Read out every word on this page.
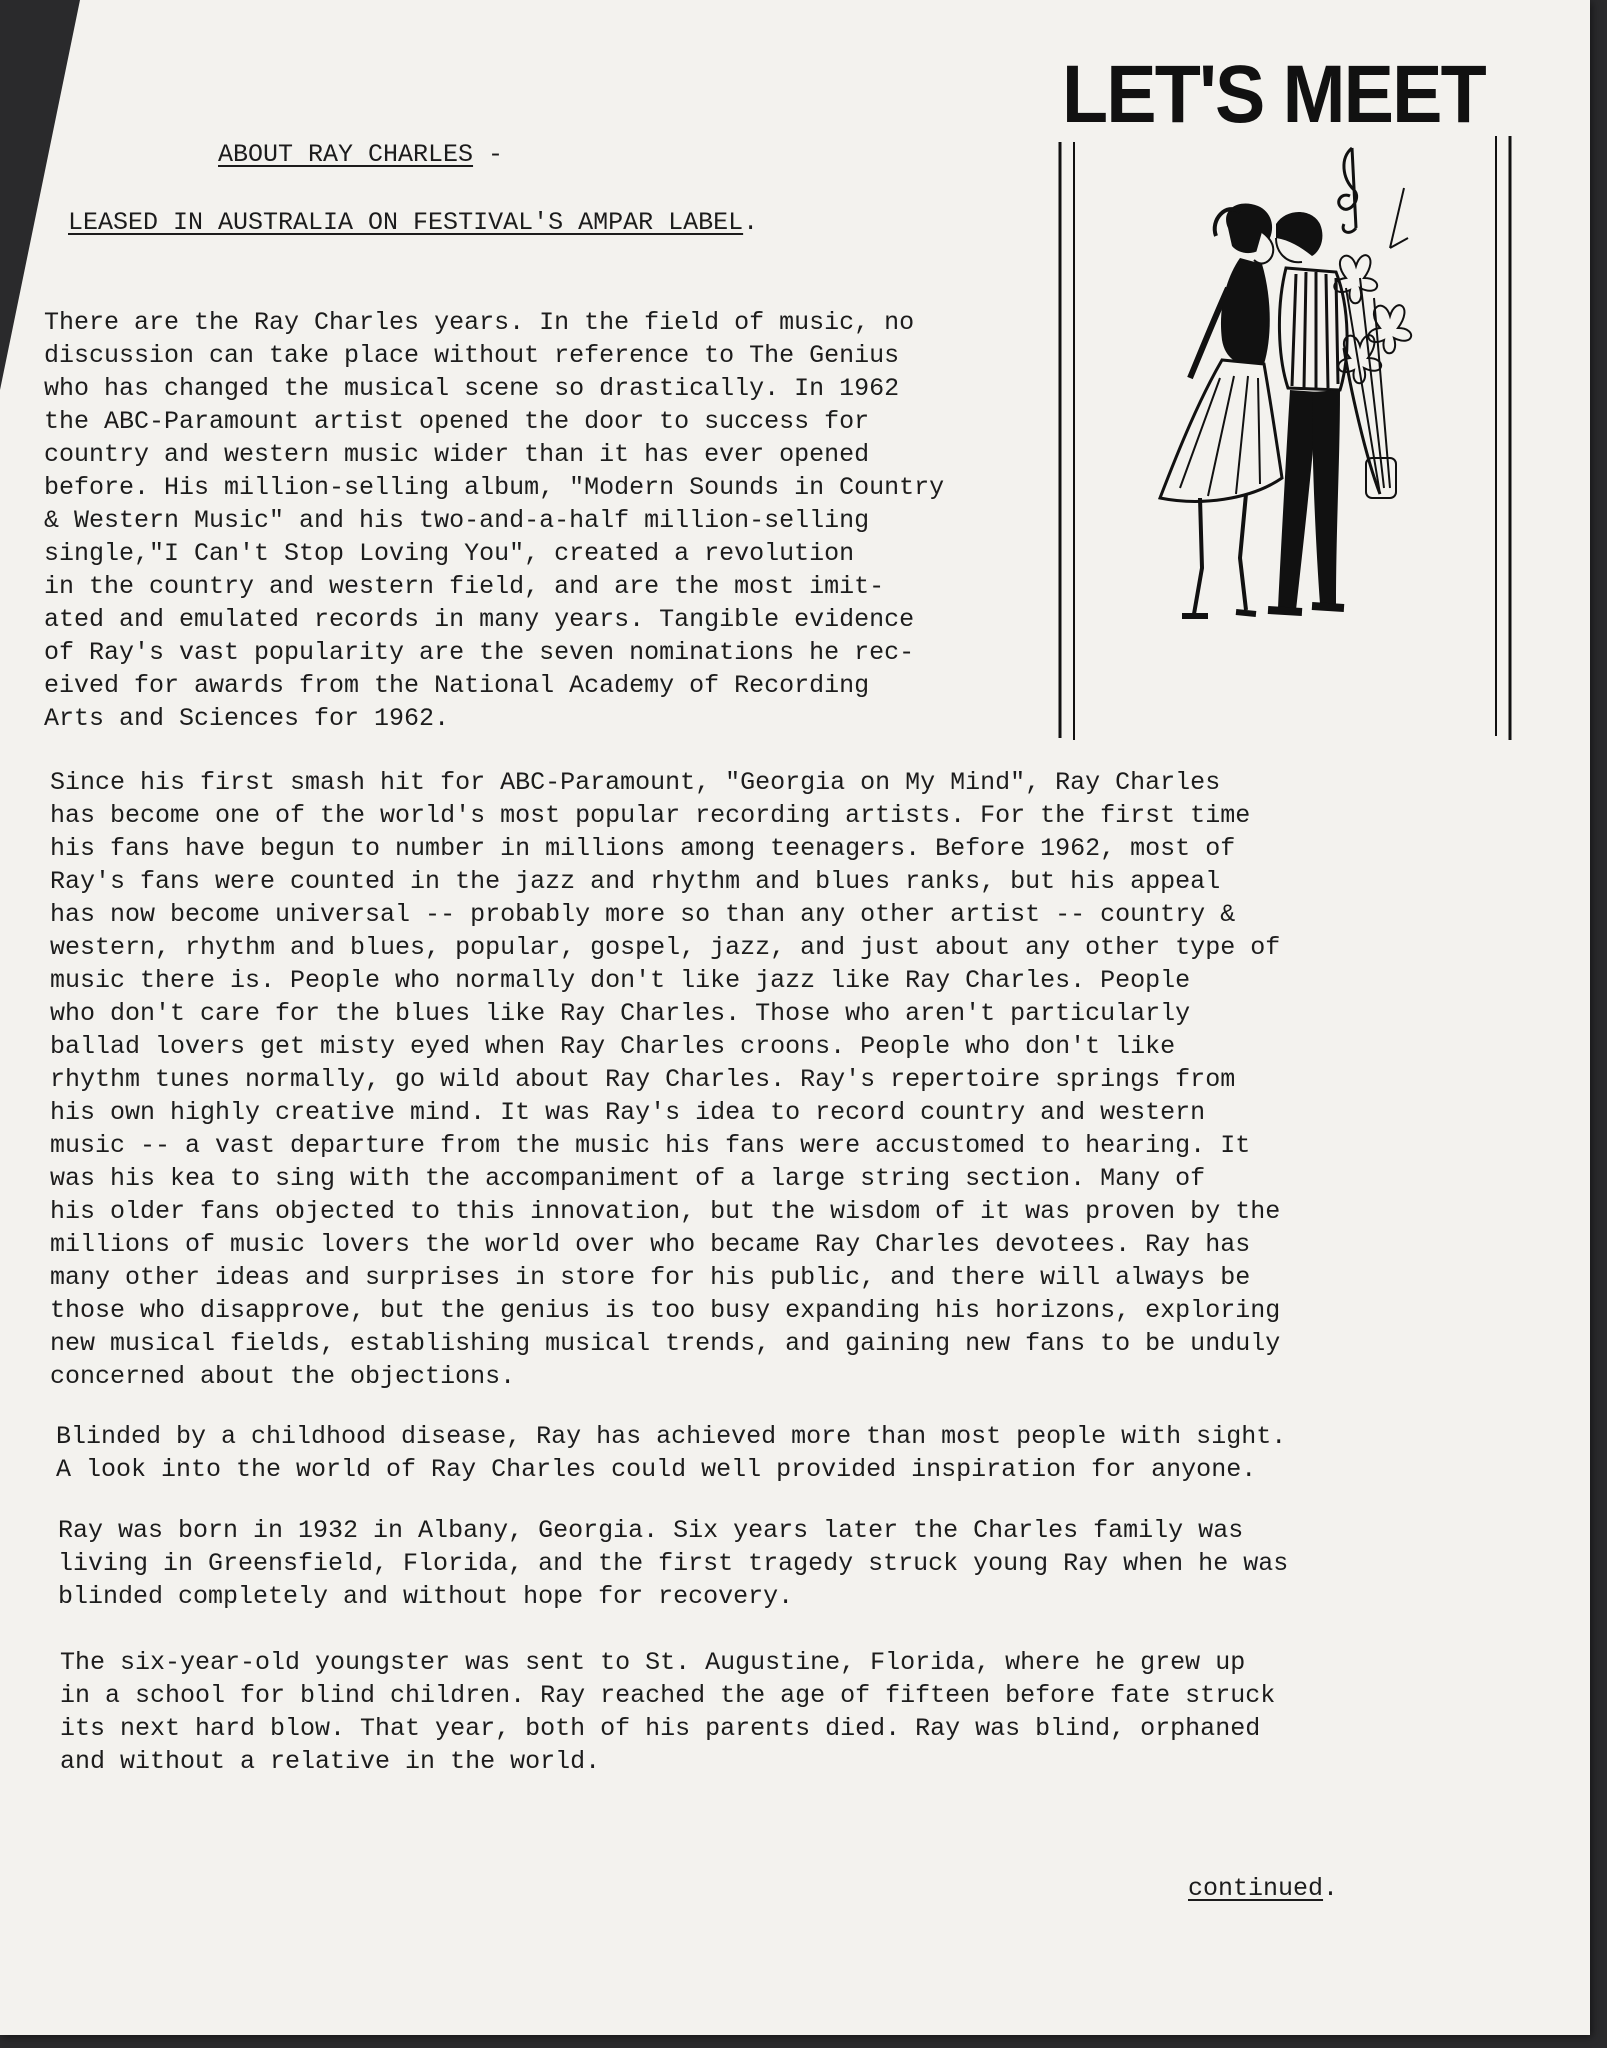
LET'S MEET
ABOUT RAY CHARLES -
LEASED IN AUSTRALIA ON FESTIVAL'S AMPAR LABEL.

There are the Ray Charles years. In the field of music, no
discussion can take place without reference to The Genius
who has changed the musical scene so drastically. In 1962
the ABC-Paramount artist opened the door to success for
country and western music wider than it has ever opened
before. His million-selling album, "Modern Sounds in Country
& Western Music" and his two-and-a-half million-selling
single,"I Can't Stop Loving You", created a revolution
in the country and western field, and are the most imit-
ated and emulated records in many years. Tangible evidence
of Ray's vast popularity are the seven nominations he rec-
eived for awards from the National Academy of Recording
Arts and Sciences for 1962.

Since his first smash hit for ABC-Paramount, "Georgia on My Mind", Ray Charles
has become one of the world's most popular recording artists. For the first time
his fans have begun to number in millions among teenagers. Before 1962, most of
Ray's fans were counted in the jazz and rhythm and blues ranks, but his appeal
has now become universal -- probably more so than any other artist -- country &
western, rhythm and blues, popular, gospel, jazz, and just about any other type of
music there is. People who normally don't like jazz like Ray Charles. People
who don't care for the blues like Ray Charles. Those who aren't particularly
ballad lovers get misty eyed when Ray Charles croons. People who don't like
rhythm tunes normally, go wild about Ray Charles. Ray's repertoire springs from
his own highly creative mind. It was Ray's idea to record country and western
music -- a vast departure from the music his fans were accustomed to hearing. It
was his kea to sing with the accompaniment of a large string section. Many of
his older fans objected to this innovation, but the wisdom of it was proven by the
millions of music lovers the world over who became Ray Charles devotees. Ray has
many other ideas and surprises in store for his public, and there will always be
those who disapprove, but the genius is too busy expanding his horizons, exploring
new musical fields, establishing musical trends, and gaining new fans to be unduly
concerned about the objections.

Blinded by a childhood disease, Ray has achieved more than most people with sight.
A look into the world of Ray Charles could well provided inspiration for anyone.

Ray was born in 1932 in Albany, Georgia. Six years later the Charles family was
living in Greensfield, Florida, and the first tragedy struck young Ray when he was
blinded completely and without hope for recovery.

The six-year-old youngster was sent to St. Augustine, Florida, where he grew up
in a school for blind children. Ray reached the age of fifteen before fate struck
its next hard blow. That year, both of his parents died. Ray was blind, orphaned
and without a relative in the world.

continued.
